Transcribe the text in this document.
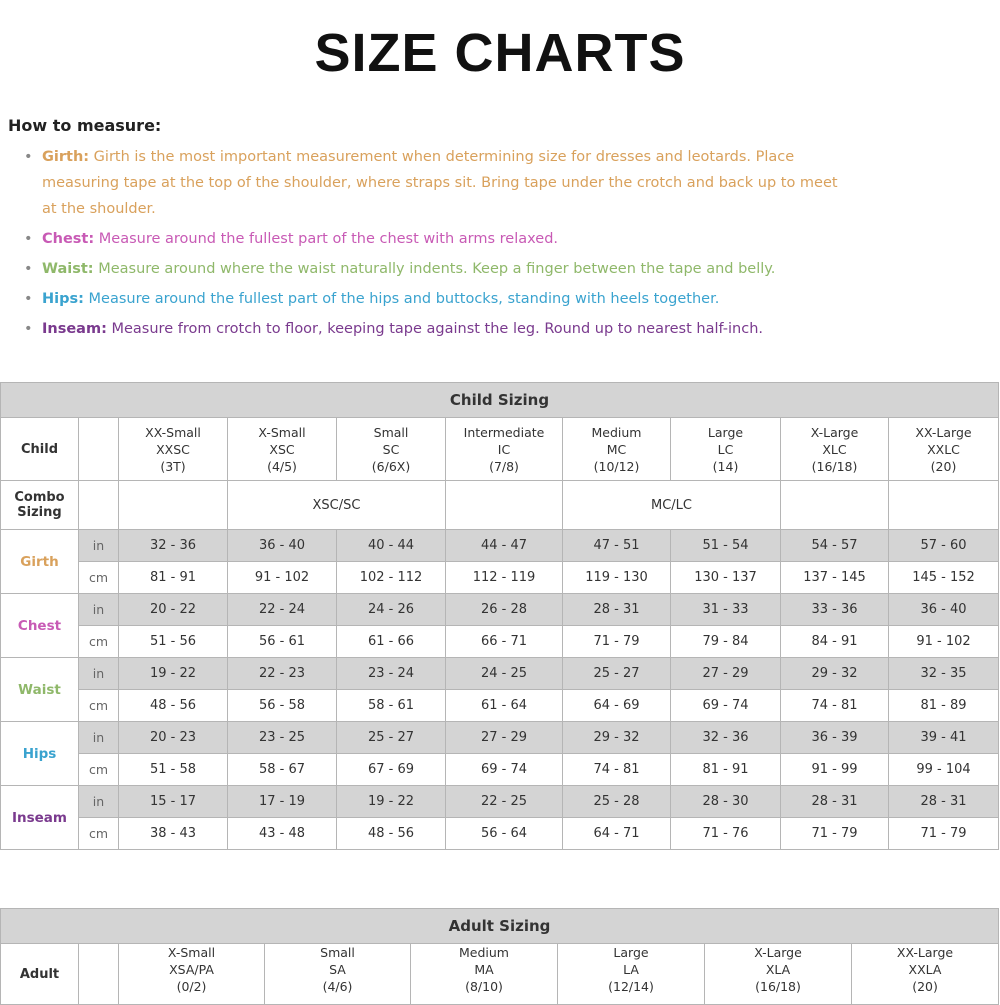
SIZE CHARTS
How to measure:
• Girth: Girth is the most important measurement when determining size for dresses and leotards. Place measuring tape at the top of the shoulder, where straps sit. Bring tape under the crotch and back up to meet at the shoulder.
• Chest: Measure around the fullest part of the chest with arms relaxed.
• Waist: Measure around where the waist naturally indents. Keep a finger between the tape and belly.
• Hips: Measure around the fullest part of the hips and buttocks, standing with heels together.
• Inseam: Measure from crotch to floor, keeping tape against the leg. Round up to nearest half-inch.
Child Sizing									
Child		XX-Small
XXSC
(3T)	X-Small
XSC
(4/5)	Small
SC
(6/6X)	Intermediate
IC
(7/8)	Medium
MC
(10/12)	Large
LC
(14)	X-Large
XLC
(16/18)	XX-Large
XXLC
(20)
Combo Sizing			XSC/SC			MC/LC			
Girth	in	32 - 36	36 - 40	40 - 44	44 - 47	47 - 51	51 - 54	54 - 57	57 - 60
	cm	81 - 91	91 - 102	102 - 112	112 - 119	119 - 130	130 - 137	137 - 145	145 - 152
Chest	in	20 - 22	22 - 24	24 - 26	26 - 28	28 - 31	31 - 33	33 - 36	36 - 40
	cm	51 - 56	56 - 61	61 - 66	66 - 71	71 - 79	79 - 84	84 - 91	91 - 102
Waist	in	19 - 22	22 - 23	23 - 24	24 - 25	25 - 27	27 - 29	29 - 32	32 - 35
	cm	48 - 56	56 - 58	58 - 61	61 - 64	64 - 69	69 - 74	74 - 81	81 - 89
Hips	in	20 - 23	23 - 25	25 - 27	27 - 29	29 - 32	32 - 36	36 - 39	39 - 41
	cm	51 - 58	58 - 67	67 - 69	69 - 74	74 - 81	81 - 91	91 - 99	99 - 104
Inseam	in	15 - 17	17 - 19	19 - 22	22 - 25	25 - 28	28 - 30	28 - 31	28 - 31
	cm	38 - 43	43 - 48	48 - 56	56 - 64	64 - 71	71 - 76	71 - 79	71 - 79
Adult Sizing
Adult		X-Small
XSA/PA
(0/2)	Small
SA
(4/6)	Medium
MA
(8/10)	Large
LA
(12/14)	X-Large
XLA
(16/18)	XX-Large
XXLA
(20)
